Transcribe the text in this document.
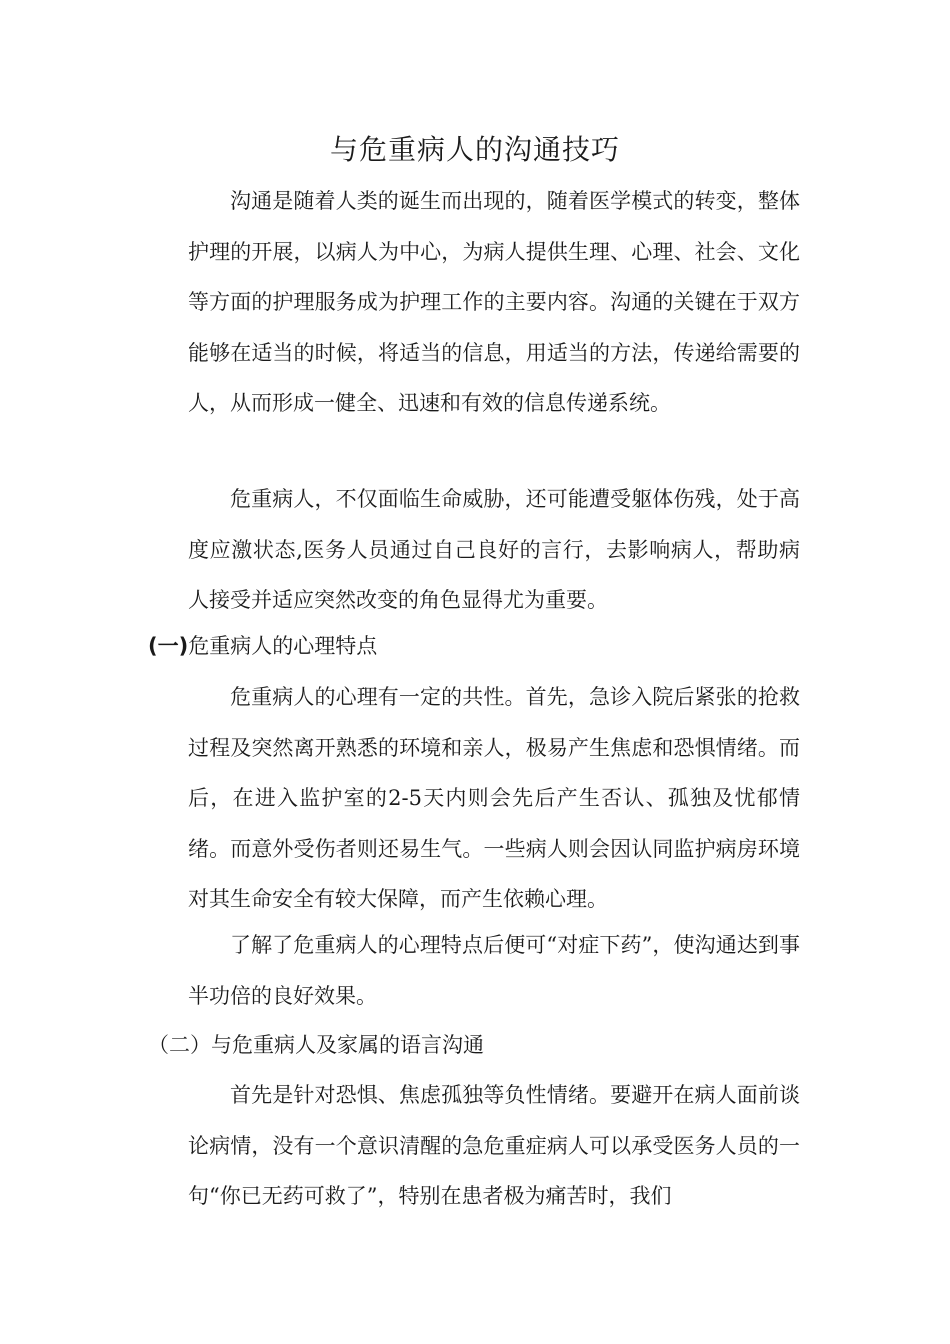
与危重病人的沟通技巧

沟通是随着人类的诞生而出现的，随着医学模式的转变，整体护理的开展，以病人为中心，为病人提供生理、心理、社会、文化等方面的护理服务成为护理工作的主要内容。沟通的关键在于双方能够在适当的时候，将适当的信息，用适当的方法，传递给需要的人，从而形成一健全、迅速和有效的信息传递系统。

危重病人，不仅面临生命威胁，还可能遭受躯体伤残，处于高度应激状态,医务人员通过自己良好的言行，去影响病人，帮助病人接受并适应突然改变的角色显得尤为重要。

(一)危重病人的心理特点

危重病人的心理有一定的共性。首先，急诊入院后紧张的抢救过程及突然离开熟悉的环境和亲人，极易产生焦虑和恐惧情绪。而后，在进入监护室的2-5天内则会先后产生否认、孤独及忧郁情绪。而意外受伤者则还易生气。一些病人则会因认同监护病房环境对其生命安全有较大保障，而产生依赖心理。

了解了危重病人的心理特点后便可“对症下药”，使沟通达到事半功倍的良好效果。

（二）与危重病人及家属的语言沟通

首先是针对恐惧、焦虑孤独等负性情绪。要避开在病人面前谈论病情，没有一个意识清醒的急危重症病人可以承受医务人员的一句“你已无药可救了”，特别在患者极为痛苦时，我们
